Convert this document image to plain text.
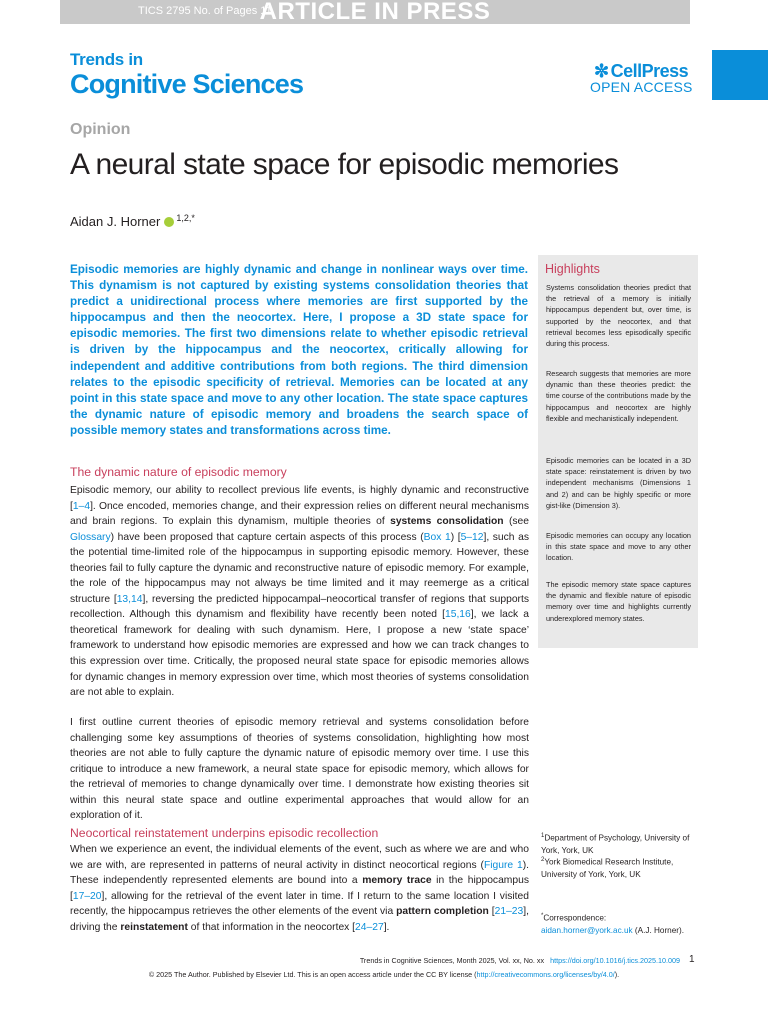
TICS 2795 No. of Pages 11
ARTICLE IN PRESS
Trends in
Cognitive Sciences	✼ CellPress
OPEN ACCESS
Opinion
A neural state space for episodic memories
Aidan J. Horner $^{1,2,*}$
Episodic memories are highly dynamic and change in nonlinear ways over time. This dynamism is not captured by existing systems consolidation theories that predict a unidirectional process where memories are first supported by the hippocampus and then the neocortex. Here, I propose a 3D state space for episodic memories. The first two dimensions relate to whether episodic retrieval is driven by the hippocampus and the neocortex, critically allowing for independent and additive contributions from both regions. The third dimension relates to the episodic specificity of retrieval. Memories can be located at any point in this state space and move to any other location. The state space captures the dynamic nature of episodic memory and broadens the search space of possible memory states and transformations across time.
Highlights
Systems consolidation theories predict that the retrieval of a memory is initially hippocampus dependent but, over time, is supported by the neocortex, and that retrieval becomes less episodically specific during this process.
Research suggests that memories are more dynamic than these theories predict: the time course of the contributions made by the hippocampus and neocortex are highly flexible and mechanistically independent.
Episodic memories can be located in a 3D state space: reinstatement is driven by two independent mechanisms (Dimensions 1 and 2) and can be highly specific or more gist-like (Dimension 3).
Episodic memories can occupy any location in this state space and move to any other location.
The episodic memory state space captures the dynamic and flexible nature of episodic memory over time and highlights currently underexplored memory states.
The dynamic nature of episodic memory
Episodic memory, our ability to recollect previous life events, is highly dynamic and reconstructive [1–4]. Once encoded, memories change, and their expression relies on different neural mechanisms and brain regions. To explain this dynamism, multiple theories of systems consolidation (see Glossary) have been proposed that capture certain aspects of this process (Box 1) [5–12], such as the potential time-limited role of the hippocampus in supporting episodic memory. However, these theories fail to fully capture the dynamic and reconstructive nature of episodic memory. For example, the role of the hippocampus may not always be time limited and it may reemerge as a critical structure [13,14], reversing the predicted hippocampal–neocortical transfer of regions that supports recollection. Although this dynamism and flexibility have recently been noted [15,16], we lack a theoretical framework for dealing with such dynamism. Here, I propose a new ‘state space’ framework to understand how episodic memories are expressed and how we can track changes to this expression over time. Critically, the proposed neural state space for episodic memories allows for dynamic changes in memory expression over time, which most theories of systems consolidation are not able to explain.
I first outline current theories of episodic memory retrieval and systems consolidation before challenging some key assumptions of theories of systems consolidation, highlighting how most theories are not able to fully capture the dynamic nature of episodic memory over time. I use this critique to introduce a new framework, a neural state space for episodic memory, which allows for the retrieval of memories to change dynamically over time. I demonstrate how existing theories sit within this neural state space and outline experimental approaches that would allow for an exploration of it.
Neocortical reinstatement underpins episodic recollection
When we experience an event, the individual elements of the event, such as where we are and who we are with, are represented in patterns of neural activity in distinct neocortical regions (Figure 1). These independently represented elements are bound into a memory trace in the hippocampus [17–20], allowing for the retrieval of the event later in time. If I return to the same location I visited recently, the hippocampus retrieves the other elements of the event via pattern completion [21–23], driving the reinstatement of that information in the neocortex [24–27].
$^1$Department of Psychology, University of York, York, UK
$^2$York Biomedical Research Institute, University of York, York, UK
*Correspondence:
aidan.horner@york.ac.uk (A.J. Horner).
Trends in Cognitive Sciences, Month 2025, Vol. xx, No. xx https://doi.org/10.1016/j.tics.2025.10.009 1
© 2025 The Author. Published by Elsevier Ltd. This is an open access article under the CC BY license (http://creativecommons.org/licenses/by/4.0/).
